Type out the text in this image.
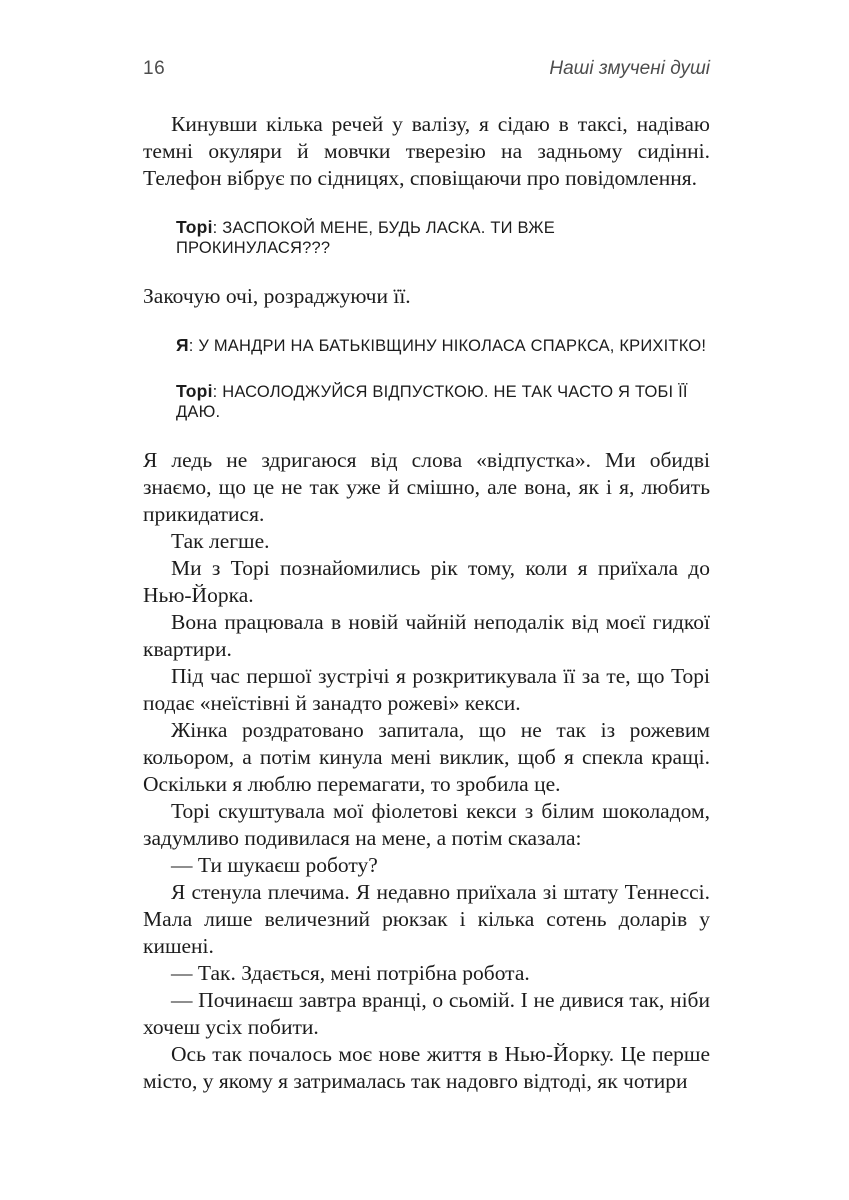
16	Наші змучені душі

Кинувши кілька речей у валізу, я сідаю в таксі, надіваю темні окуляри й мовчки тверезію на задньому сидінні. Телефон вібрує по сідницях, сповіщаючи про повідомлення.

Торі: ЗАСПОКОЙ МЕНЕ, БУДЬ ЛАСКА. ТИ ВЖЕ ПРОКИНУЛАСЯ???

Закочую очі, розраджуючи її.

Я: У МАНДРИ НА БАТЬКІВЩИНУ НІКОЛАСА СПАРКСА, КРИХІТКО!

Торі: НАСОЛОДЖУЙСЯ ВІДПУСТКОЮ. НЕ ТАК ЧАСТО Я ТОБІ ЇЇ ДАЮ.

Я ледь не здригаюся від слова «відпустка». Ми обидві знаємо, що це не так уже й смішно, але вона, як і я, любить прикидатися.

Так легше.

Ми з Торі познайомились рік тому, коли я приїхала до Нью-Йорка.

Вона працювала в новій чайній неподалік від моєї гидкої квартири.

Під час першої зустрічі я розкритикувала її за те, що Торі подає «неїстівні й занадто рожеві» кекси.

Жінка роздратовано запитала, що не так із рожевим кольором, а потім кинула мені виклик, щоб я спекла кращі. Оскільки я люблю перемагати, то зробила це.

Торі скуштувала мої фіолетові кекси з білим шоколадом, задумливо подивилася на мене, а потім сказала:

— Ти шукаєш роботу?

Я стенула плечима. Я недавно приїхала зі штату Теннессі. Мала лише величезний рюкзак і кілька сотень доларів у кишені.

— Так. Здається, мені потрібна робота.

— Починаєш завтра вранці, о сьомій. І не дивися так, ніби хочеш усіх побити.

Ось так почалось моє нове життя в Нью-Йорку. Це перше місто, у якому я затрималась так надовго відтоді, як чотири
